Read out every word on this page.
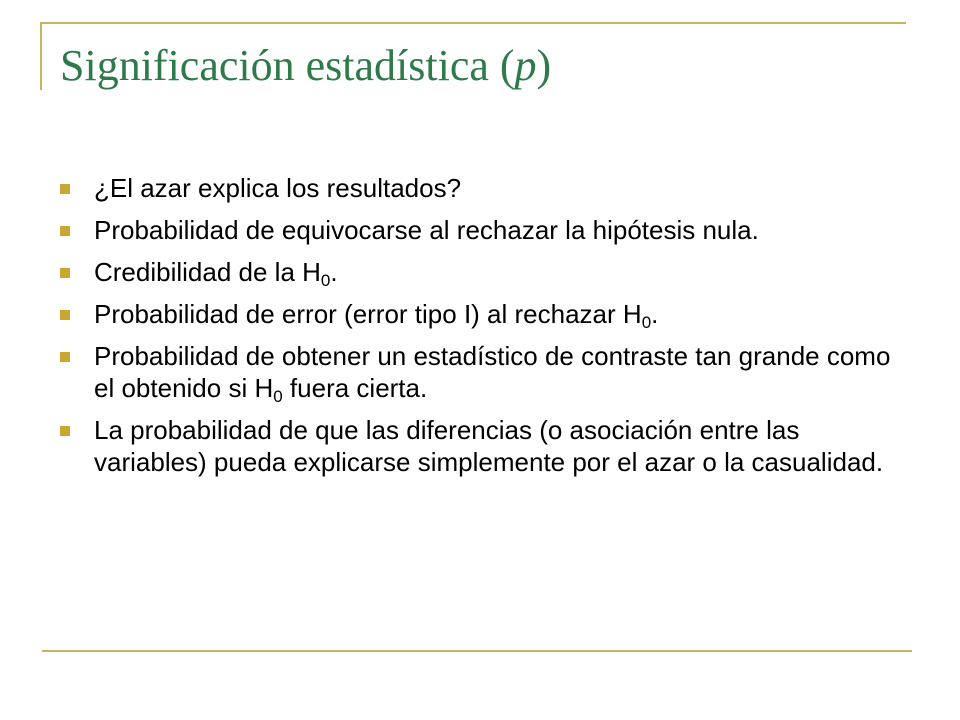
Significación estadística (p)
¿El azar explica los resultados?
Probabilidad de equivocarse al rechazar la hipótesis nula.
Credibilidad de la $H_0$.
Probabilidad de error (error tipo I) al rechazar $H_0$.
Probabilidad de obtener un estadístico de contraste tan grande como el obtenido si $H_0$ fuera cierta.
La probabilidad de que las diferencias (o asociación entre las variables) pueda explicarse simplemente por el azar o la casualidad.
